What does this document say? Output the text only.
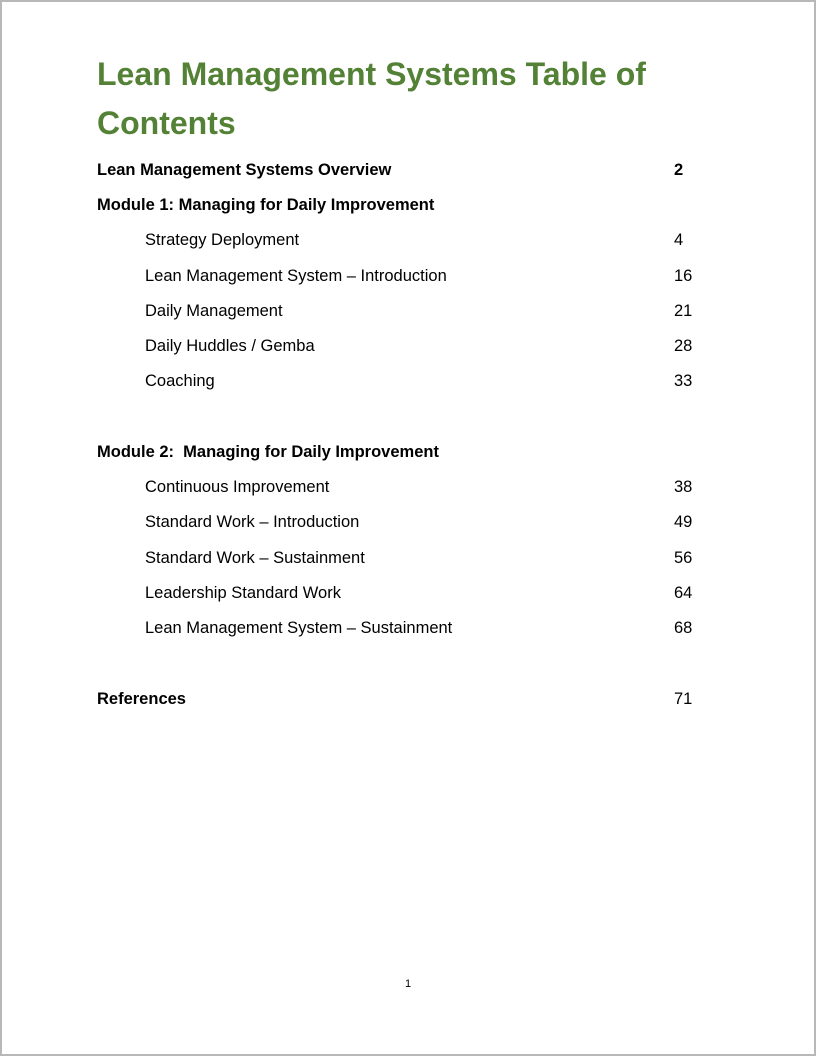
Lean Management Systems Table of Contents
Lean Management Systems Overview	2
Module 1: Managing for Daily Improvement
Strategy Deployment	4
Lean Management System – Introduction	16
Daily Management	21
Daily Huddles / Gemba	28
Coaching	33
Module 2:  Managing for Daily Improvement
Continuous Improvement	38
Standard Work – Introduction	49
Standard Work – Sustainment	56
Leadership Standard Work	64
Lean Management System – Sustainment	68
References	71
1
